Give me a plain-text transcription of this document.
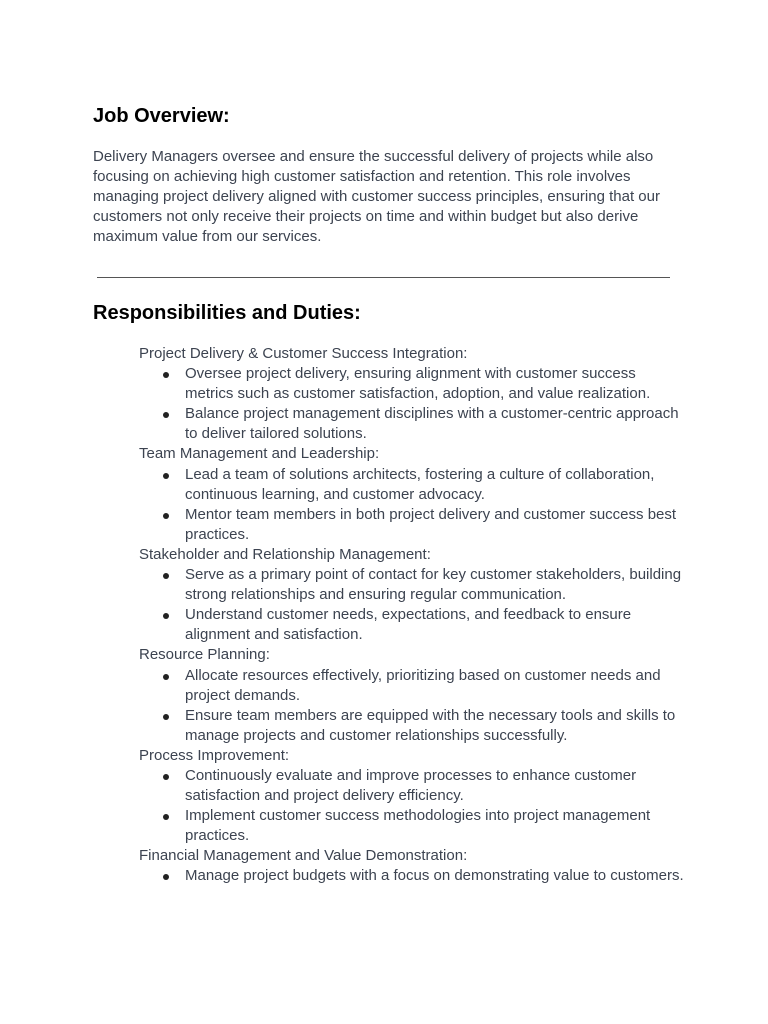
Job Overview:

Delivery Managers oversee and ensure the successful delivery of projects while also focusing on achieving high customer satisfaction and retention. This role involves managing project delivery aligned with customer success principles, ensuring that our customers not only receive their projects on time and within budget but also derive maximum value from our services.

Responsibilities and Duties:
Project Delivery & Customer Success Integration:
Oversee project delivery, ensuring alignment with customer success metrics such as customer satisfaction, adoption, and value realization.
Balance project management disciplines with a customer-centric approach to deliver tailored solutions.
Team Management and Leadership:
Lead a team of solutions architects, fostering a culture of collaboration, continuous learning, and customer advocacy.
Mentor team members in both project delivery and customer success best practices.
Stakeholder and Relationship Management:
Serve as a primary point of contact for key customer stakeholders, building strong relationships and ensuring regular communication.
Understand customer needs, expectations, and feedback to ensure alignment and satisfaction.
Resource Planning:
Allocate resources effectively, prioritizing based on customer needs and project demands.
Ensure team members are equipped with the necessary tools and skills to manage projects and customer relationships successfully.
Process Improvement:
Continuously evaluate and improve processes to enhance customer satisfaction and project delivery efficiency.
Implement customer success methodologies into project management practices.
Financial Management and Value Demonstration:
Manage project budgets with a focus on demonstrating value to customers.
